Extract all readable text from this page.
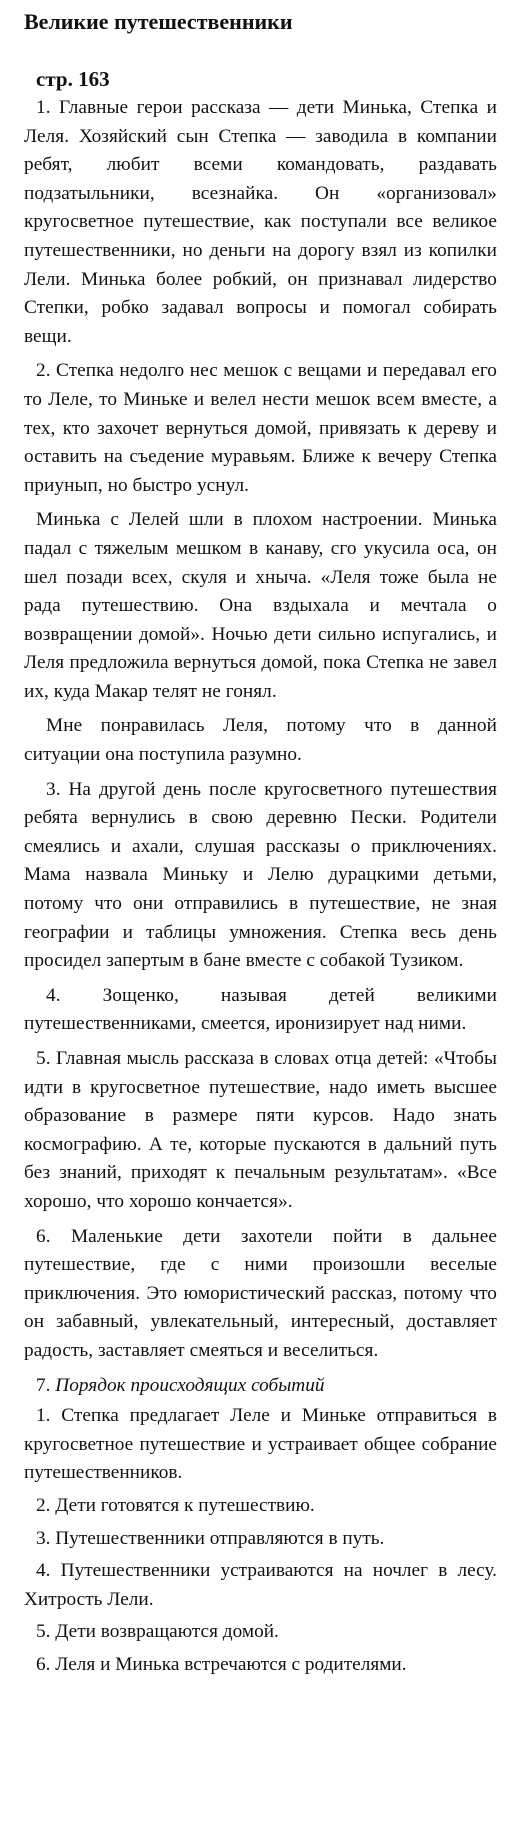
Великие путешественники
стр. 163

1. Главные герои рассказа — дети Минька, Степка и Леля. Хозяйский сын Степка — заводила в компании ребят, любит всеми командовать, раздавать подзатыльники, всезнайка. Он «организовал» кругосветное путешествие, как поступали все великое путешественники, но деньги на дорогу взял из копилки Лели. Минька более робкий, он признавал лидерство Степки, робко задавал вопросы и помогал собирать вещи.

2. Степка недолго нес мешок с вещами и передавал его то Леле, то Миньке и велел нести мешок всем вместе, а тех, кто захочет вернуться домой, привязать к дереву и оставить на съедение муравьям. Ближе к вечеру Степка приунып, но быстро уснул.

Минька с Лелей шли в плохом настроении. Минька падал с тяжелым мешком в канаву, сго укусила оса, он шел позади всех, скуля и хныча. «Леля тоже была не рада путешествию. Она вздыхала и мечтала о возвращении домой». Ночью дети сильно испугались, и Леля предложила вернуться домой, пока Степка не завел их, куда Макар телят не гонял.

Мне понравилась Леля, потому что в данной ситуации она поступила разумно.

3. На другой день после кругосветного путешествия ребята вернулись в свою деревню Пески. Родители смеялись и ахали, слушая рассказы о приключениях. Мама назвала Миньку и Лелю дурацкими детьми, потому что они отправились в путешествие, не зная географии и таблицы умножения. Степка весь день просидел запертым в бане вместе с собакой Тузиком.

4. Зощенко, называя детей великими путешественниками, смеется, иронизирует над ними.

5. Главная мысль рассказа в словах отца детей: «Чтобы идти в кругосветное путешествие, надо иметь высшее образование в размере пяти курсов. Надо знать космографию. А те, которые пускаются в дальний путь без знаний, приходят к печальным результатам». «Все хорошо, что хорошо кончается».

6. Маленькие дети захотели пойти в дальнее путешествие, где с ними произошли веселые приключения. Это юмористический рассказ, потому что он забавный, увлекательный, интересный, доставляет радость, заставляет смеяться и веселиться.

7. Порядок происходящих событий

1. Степка предлагает Леле и Миньке отправиться в кругосветное путешествие и устраивает общее собрание путешественников.

2. Дети готовятся к путешествию.

3. Путешественники отправляются в путь.

4. Путешественники устраиваются на ночлег в лесу. Хитрость Лели.

5. Дети возвращаются домой.

6. Леля и Минька встречаются с родителями.
